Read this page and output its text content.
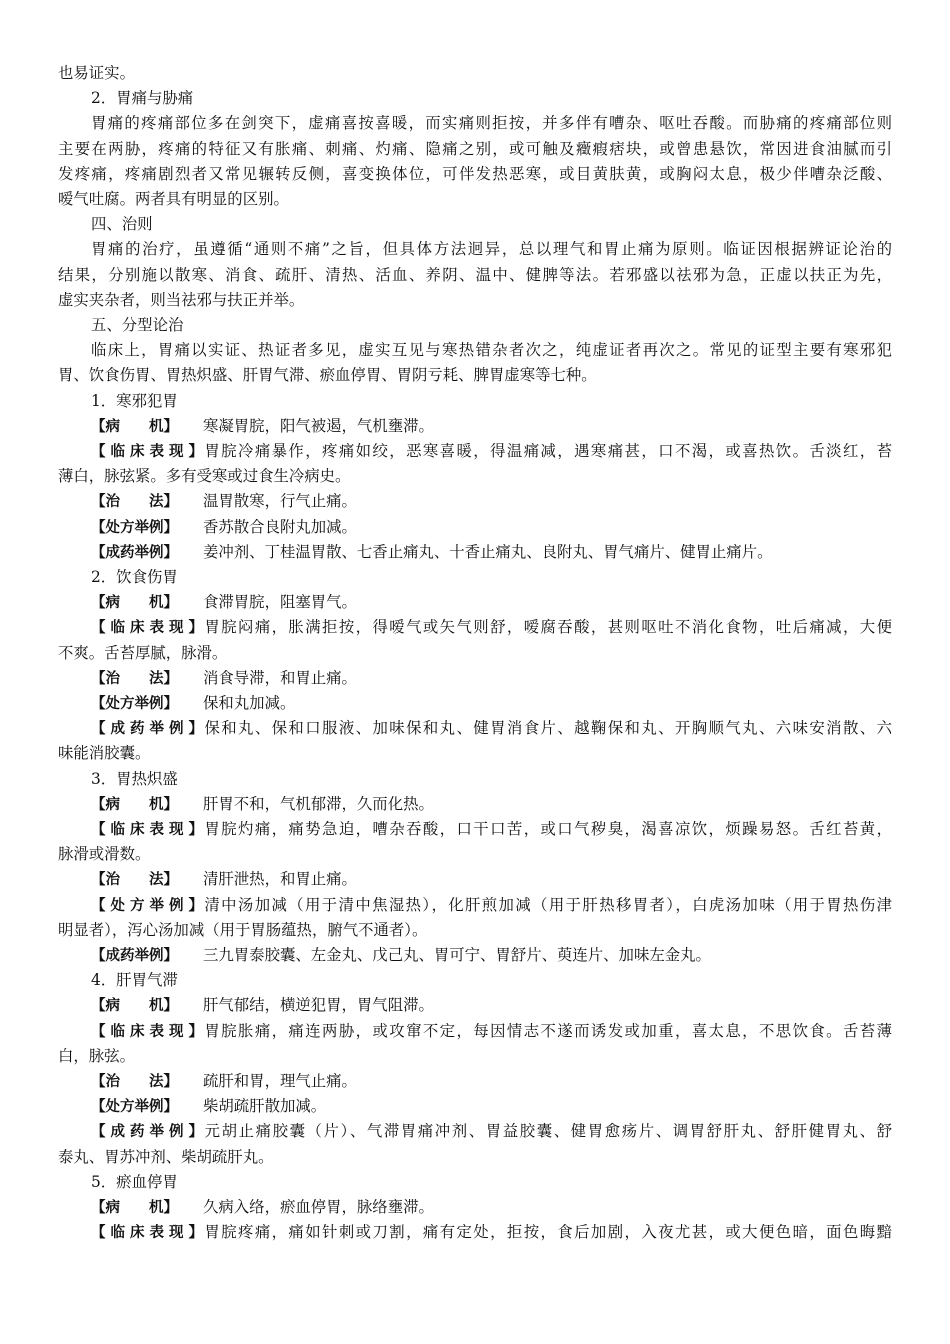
也易证实。
2．胃痛与胁痛
胃痛的疼痛部位多在剑突下，虚痛喜按喜暖，而实痛则拒按，并多伴有嘈杂、呕吐吞酸。而胁痛的疼痛部位则
主要在两胁，疼痛的特征又有胀痛、刺痛、灼痛、隐痛之别，或可触及癥瘕痞块，或曾患悬饮，常因进食油腻而引
发疼痛，疼痛剧烈者又常见辗转反侧，喜变换体位，可伴发热恶寒，或目黄肤黄，或胸闷太息，极少伴嘈杂泛酸、
嗳气吐腐。两者具有明显的区别。
四、治则
胃痛的治疗，虽遵循“通则不痛”之旨，但具体方法迥异，总以理气和胃止痛为原则。临证因根据辨证论治的
结果，分别施以散寒、消食、疏肝、清热、活血、养阴、温中、健脾等法。若邪盛以祛邪为急，正虚以扶正为先，
虚实夹杂者，则当祛邪与扶正并举。
五、分型论治
临床上，胃痛以实证、热证者多见，虚实互见与寒热错杂者次之，纯虚证者再次之。常见的证型主要有寒邪犯
胃、饮食伤胃、胃热炽盛、肝胃气滞、瘀血停胃、胃阴亏耗、脾胃虚寒等七种。
1．寒邪犯胃
【病　　机】 寒凝胃脘，阳气被遏，气机壅滞。
【临床表现】胃脘冷痛暴作，疼痛如绞，恶寒喜暖，得温痛减，遇寒痛甚，口不渴，或喜热饮。舌淡红，苔
薄白，脉弦紧。多有受寒或过食生冷病史。
【治　　法】 温胃散寒，行气止痛。
【处方举例】 香苏散合良附丸加减。
【成药举例】 姜冲剂、丁桂温胃散、七香止痛丸、十香止痛丸、良附丸、胃气痛片、健胃止痛片。
2．饮食伤胃
【病　　机】 食滞胃脘，阻塞胃气。
【临床表现】胃脘闷痛，胀满拒按，得嗳气或矢气则舒，嗳腐吞酸，甚则呕吐不消化食物，吐后痛减，大便
不爽。舌苔厚腻，脉滑。
【治　　法】 消食导滞，和胃止痛。
【处方举例】 保和丸加减。
【成药举例】保和丸、保和口服液、加味保和丸、健胃消食片、越鞠保和丸、开胸顺气丸、六味安消散、六
味能消胶囊。
3．胃热炽盛
【病　　机】 肝胃不和，气机郁滞，久而化热。
【临床表现】胃脘灼痛，痛势急迫，嘈杂吞酸，口干口苦，或口气秽臭，渴喜凉饮，烦躁易怒。舌红苔黄，
脉滑或滑数。
【治　　法】 清肝泄热，和胃止痛。
【处方举例】清中汤加减（用于清中焦湿热），化肝煎加减（用于肝热移胃者），白虎汤加味（用于胃热伤津
明显者），泻心汤加减（用于胃肠蕴热，腑气不通者）。
【成药举例】 三九胃泰胶囊、左金丸、戊己丸、胃可宁、胃舒片、萸连片、加味左金丸。
4．肝胃气滞
【病　　机】 肝气郁结，横逆犯胃，胃气阻滞。
【临床表现】胃脘胀痛，痛连两胁，或攻窜不定，每因情志不遂而诱发或加重，喜太息，不思饮食。舌苔薄
白，脉弦。
【治　　法】 疏肝和胃，理气止痛。
【处方举例】 柴胡疏肝散加减。
【成药举例】元胡止痛胶囊（片）、气滞胃痛冲剂、胃益胶囊、健胃愈疡片、调胃舒肝丸、舒肝健胃丸、舒
泰丸、胃苏冲剂、柴胡疏肝丸。
5．瘀血停胃
【病　　机】 久病入络，瘀血停胃，脉络壅滞。
【临床表现】胃脘疼痛，痛如针刺或刀割，痛有定处，拒按，食后加剧，入夜尤甚，或大便色暗，面色晦黯
